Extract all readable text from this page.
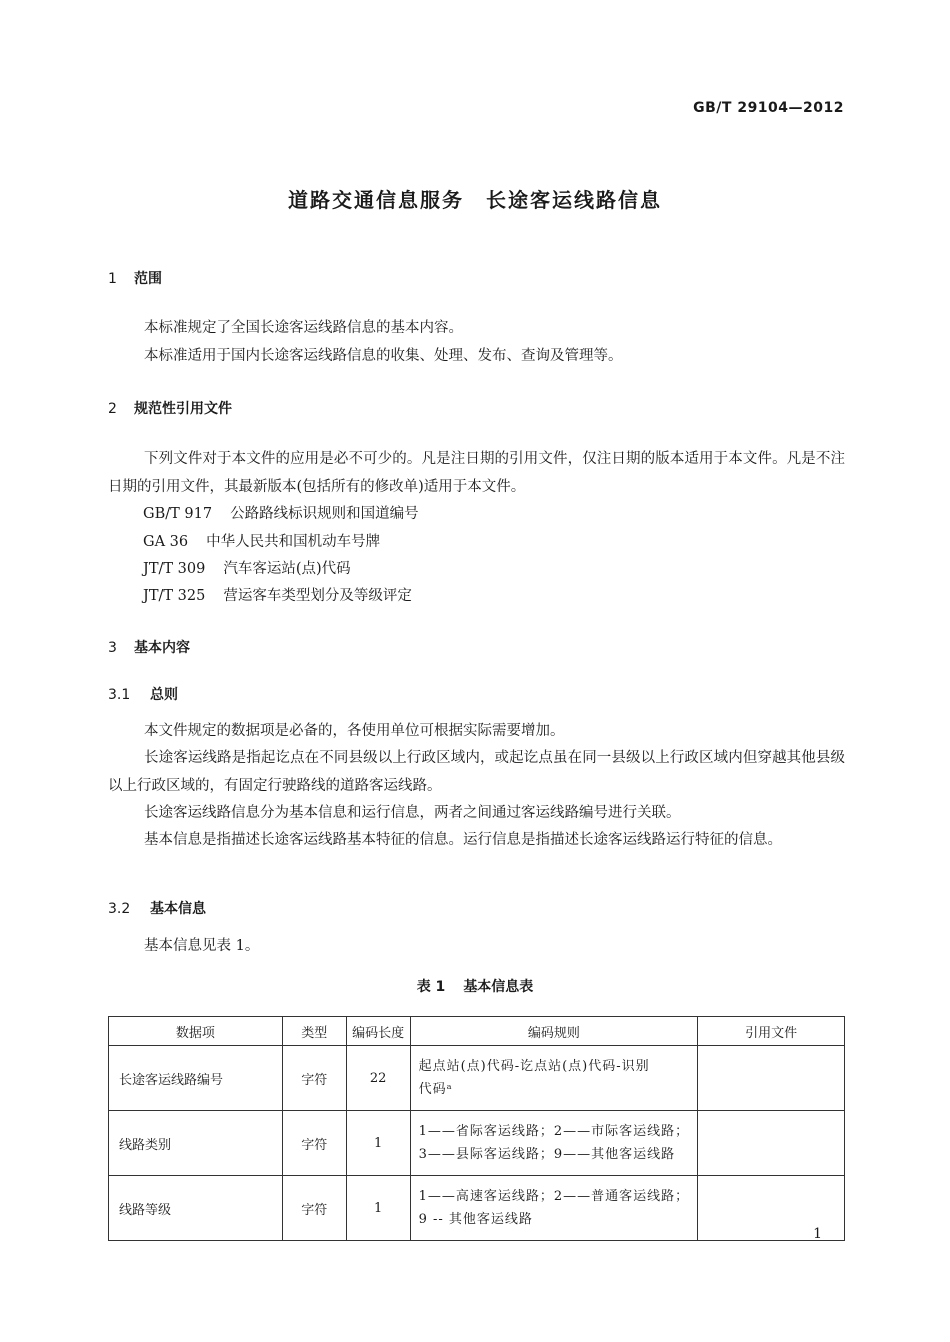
GB/T 29104—2012
道路交通信息服务　长途客运线路信息
1 范围
本标准规定了全国长途客运线路信息的基本内容。
本标准适用于国内长途客运线路信息的收集、处理、发布、查询及管理等。
2 规范性引用文件
下列文件对于本文件的应用是必不可少的。凡是注日期的引用文件，仅注日期的版本适用于本文件。凡是不注日期的引用文件，其最新版本(包括所有的修改单)适用于本文件。
GB/T 917 公路路线标识规则和国道编号
GA 36 中华人民共和国机动车号牌
JT/T 309 汽车客运站(点)代码
JT/T 325 营运客车类型划分及等级评定
3 基本内容
3.1 总则
本文件规定的数据项是必备的，各使用单位可根据实际需要增加。
长途客运线路是指起讫点在不同县级以上行政区域内，或起讫点虽在同一县级以上行政区域内但穿越其他县级以上行政区域的，有固定行驶路线的道路客运线路。
长途客运线路信息分为基本信息和运行信息，两者之间通过客运线路编号进行关联。
基本信息是指描述长途客运线路基本特征的信息。运行信息是指描述长途客运线路运行特征的信息。
3.2 基本信息
基本信息见表 1。
表 1 基本信息表
数据项	类型	编码长度	编码规则	引用文件
长途客运线路编号	字符	22	起点站(点)代码-讫点站(点)代码-识别
代码ᵃ	

线路类别	字符	1	1——省际客运线路；2——市际客运线路；
3——县际客运线路；9——其他客运线路	

线路等级	字符	1	1——高速客运线路；2——普通客运线路；
9 -- 其他客运线路	

1
